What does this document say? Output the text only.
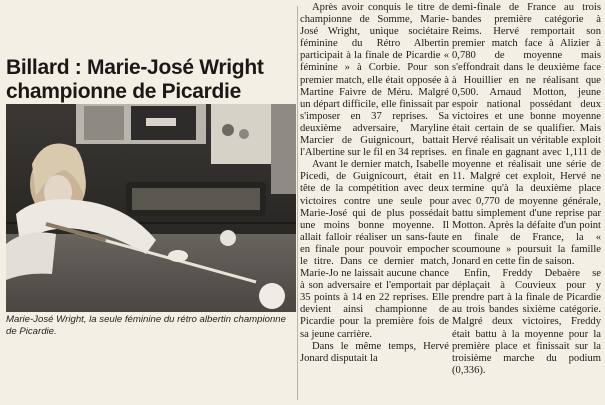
Billard : Marie-José Wright
championne de Picardie
Marie-José Wright, la seule féminine du rétro albertin championne de Picardie.

Après avoir conquis le titre de championne de Somme, Marie-José Wright, unique sociétaire féminine du Rétro Albertin participait à la finale de Picardie « féminine » à Corbie. Pour son premier match, elle était opposée à Martine Faivre de Méru. Malgré un départ difficile, elle finissait par s'imposer en 37 reprises. Sa deuxième adversaire, Maryline Marcier de Guignicourt, battait l'Albertine sur le fil en 34 reprises.

Avant le dernier match, Isabelle Picedi, de Guignicourt, était en tête de la compétition avec deux victoires contre une seule pour Marie-José qui de plus possédait une moins bonne moyenne. Il allait falloir réaliser un sans-faute en finale pour pouvoir empocher le titre. Dans ce dernier match, Marie-Jo ne laissait aucune chance à son adversaire et l'emportait par 35 points à 14 en 22 reprises. Elle devient ainsi championne de Picardie pour la première fois de sa jeune carrière.

Dans le même temps, Hervé Jonard disputait la

demi-finale de France au trois bandes première catégorie à Reims. Hervé remportait son premier match face à Alizier à 0,780 de moyenne mais s'effondrait dans le deuxième face à Houillier en ne réalisant que 0,500. Arnaud Motton, jeune espoir national possédant deux victoires et une bonne moyenne était certain de se qualifier. Mais Hervé réalisait un véritable exploit en finale en gagnant avec 1,111 de moyenne et réalisait une série de 11. Malgré cet exploit, Hervé ne termine qu'à la deuxième place avec 0,770 de moyenne générale, battu simplement d'une reprise par Motton. Après la défaite d'un point en finale de France, la « scoumoune » poursuit la famille Jonard en cette fin de saison.

Enfin, Freddy Debaère se déplaçait à Couvieux pour y prendre part à la finale de Picardie au trois bandes sixième catégorie. Malgré deux victoires, Freddy était battu à la moyenne pour la première place et finissait sur la troisième marche du podium (0,336).
